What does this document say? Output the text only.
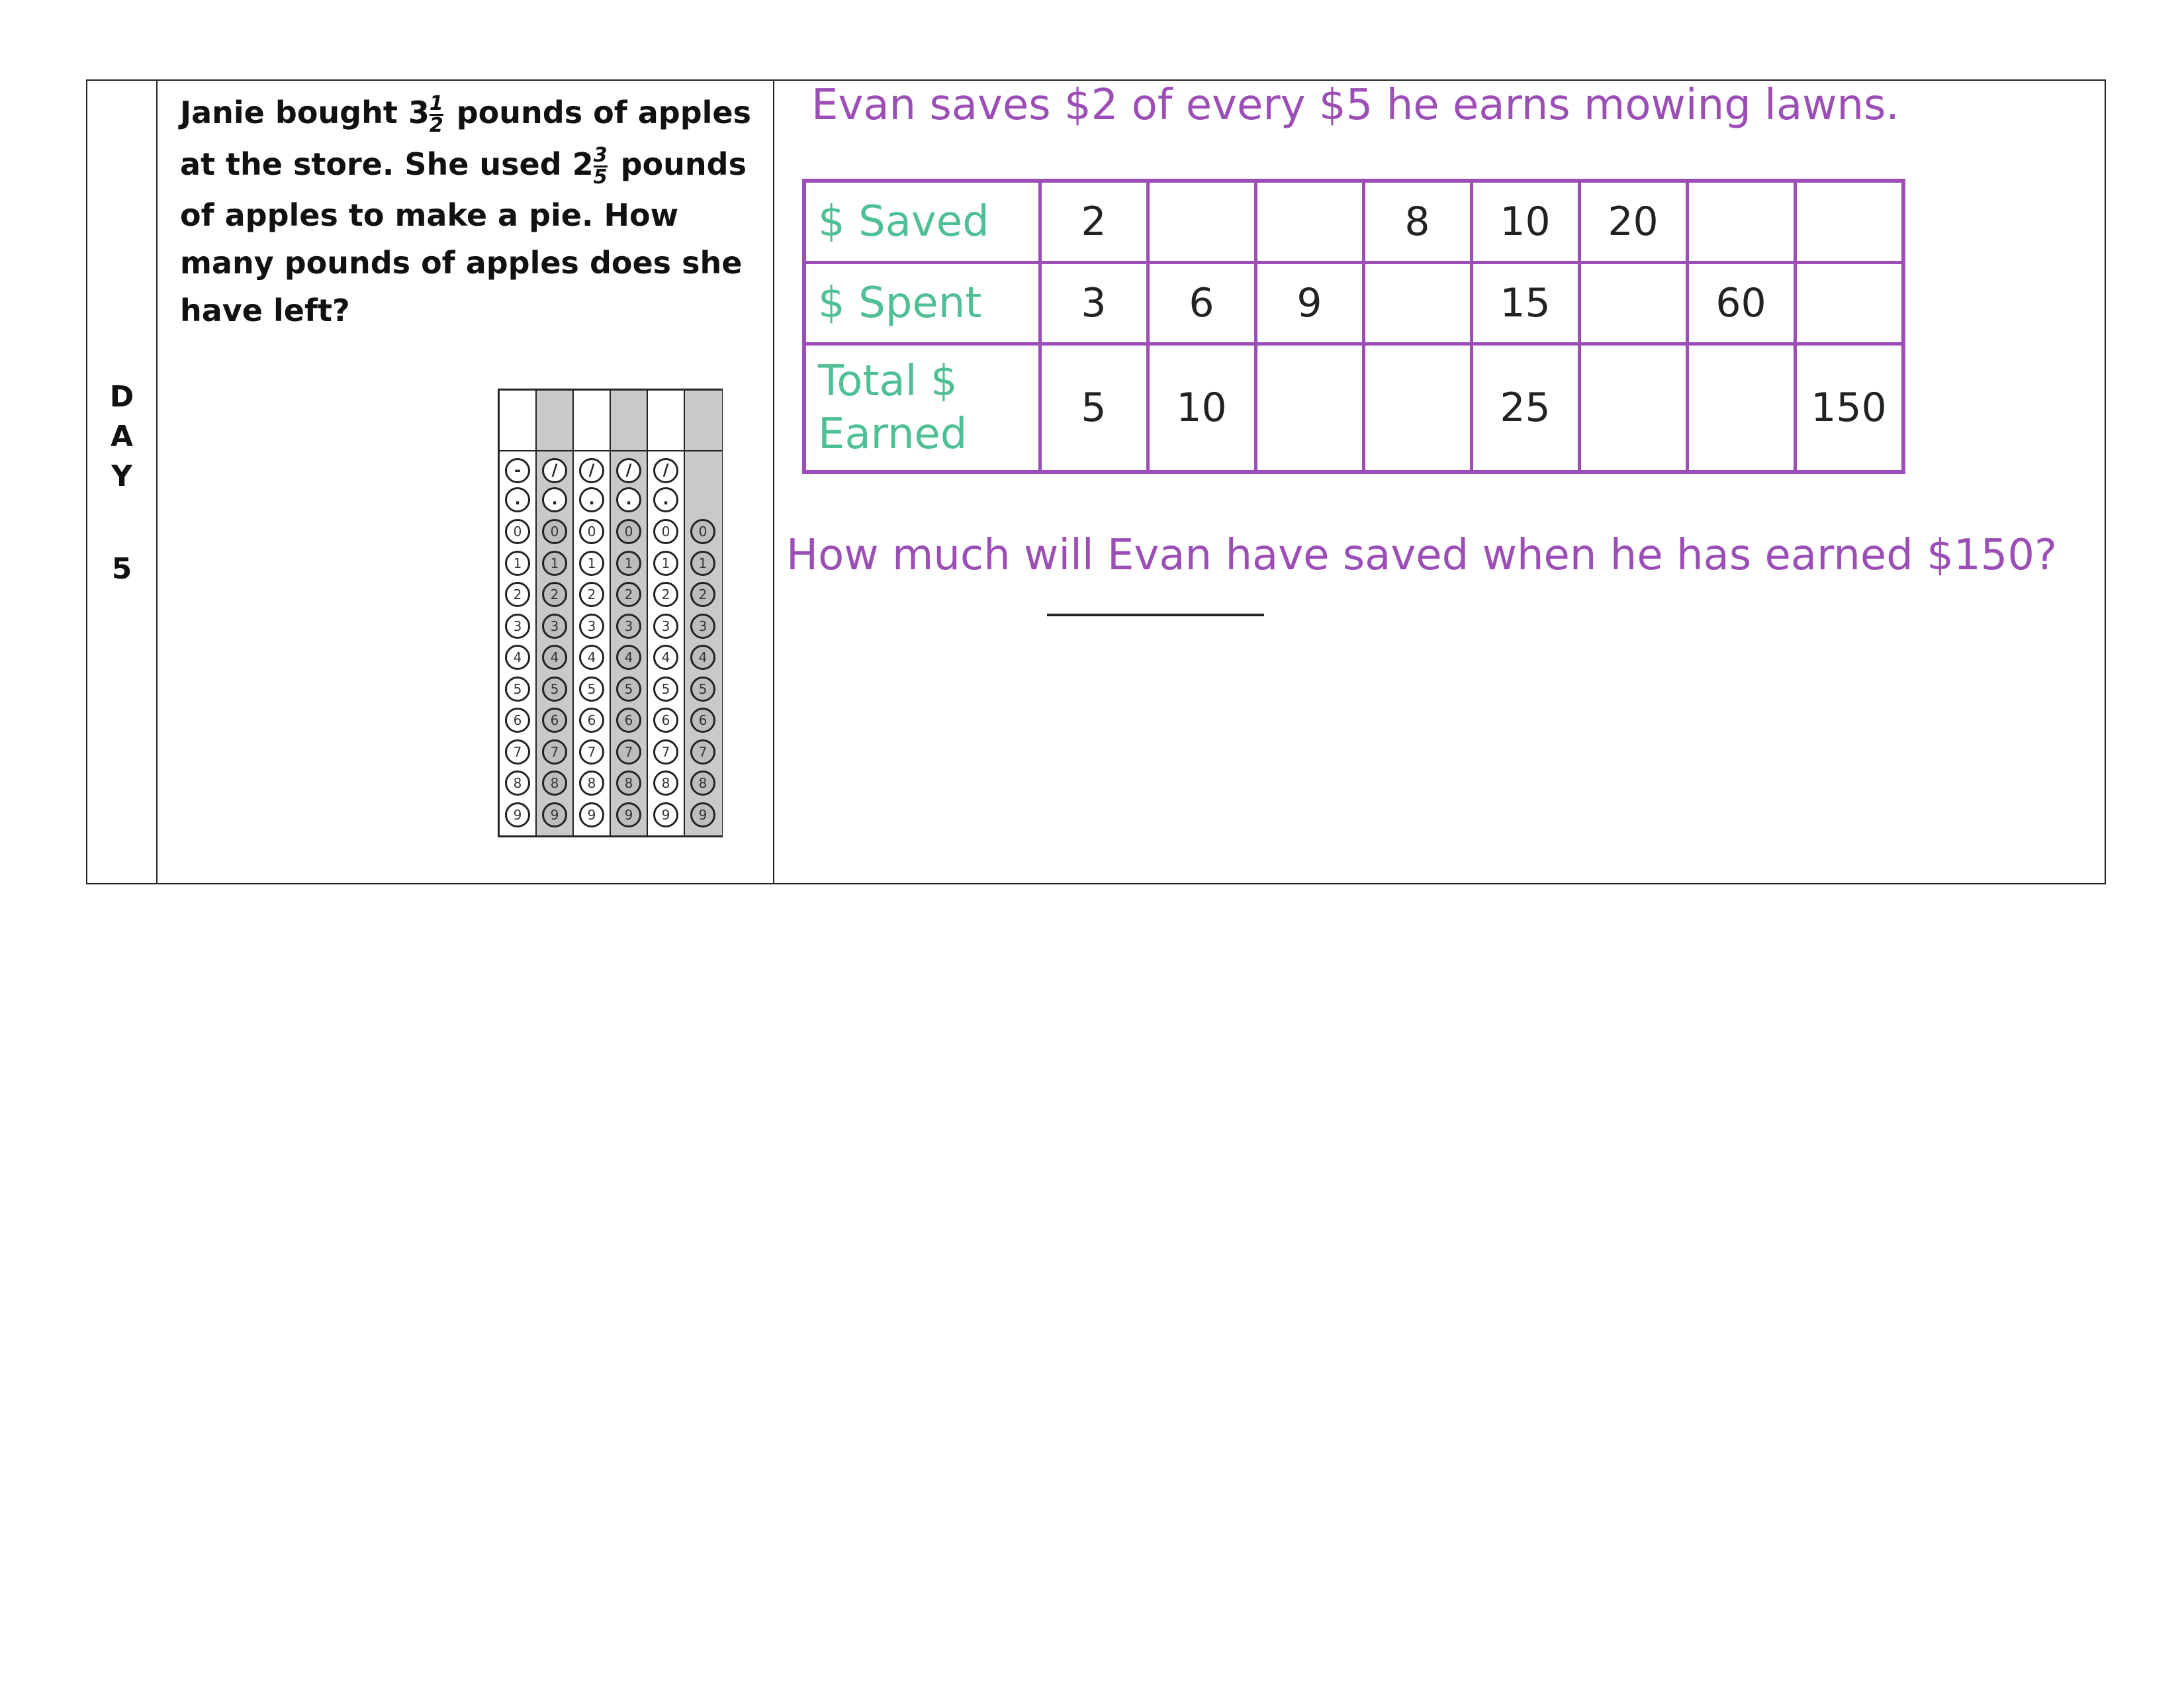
D
A
Y
5
Janie bought $3 \frac{1}{2}$ pounds of apples
at the store. She used $2 \frac{3}{5}$ pounds
of apples to make a pie. How
many pounds of apples does she
have left?
-
.
0
1
2
3
4
5
6
7
8
9
/
.
0
1
2
3
4
5
6
7
8
9
/
.
0
1
2
3
4
5
6
7
8
9
/
.
0
1
2
3
4
5
6
7
8
9
/
.
0
1
2
3
4
5
6
7
8
9
0
1
2
3
4
5
6
7
8
9
Evan saves $2 of every $5 he earns mowing lawns.
$ Saved	2			8	10	20		
$ Spent	3	6	9		15		60	

Total $
Earned	5	10			25			150
How much will Evan have saved when he has earned $150?
